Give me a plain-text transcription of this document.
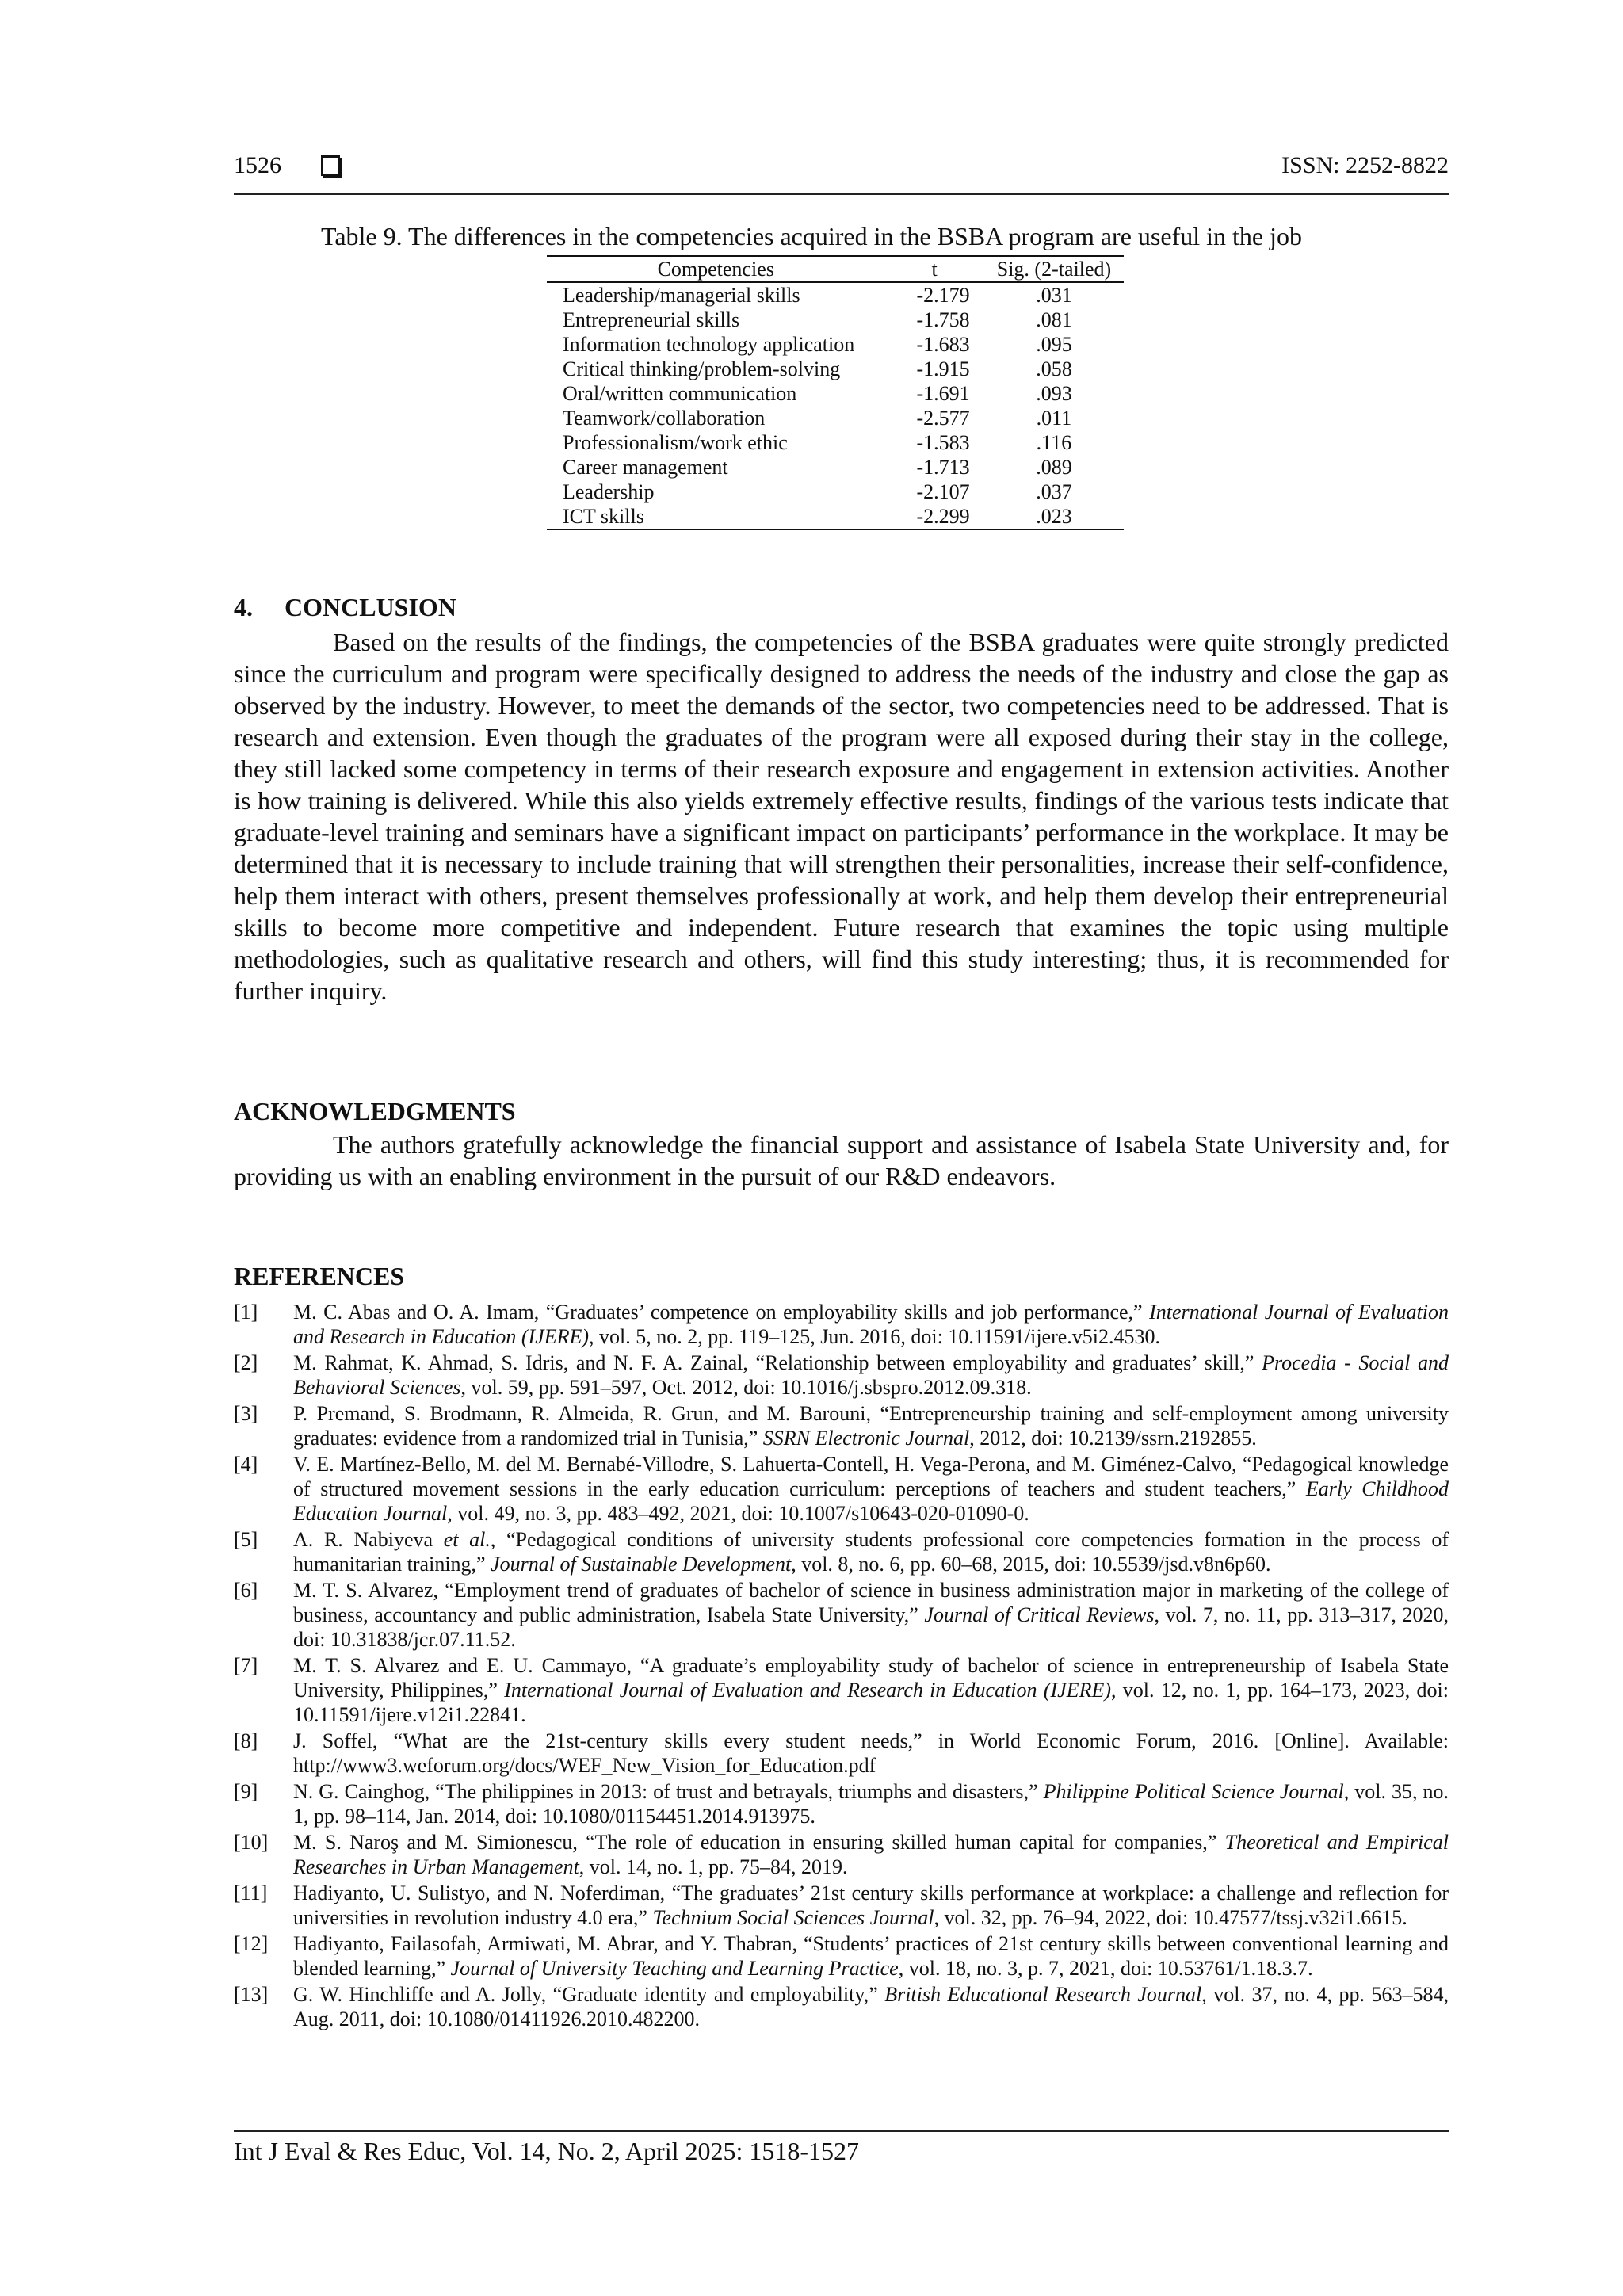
1526	ISSN: 2252-8822
Table 9. The differences in the competencies acquired in the BSBA program are useful in the job
Competencies	t	Sig. (2-tailed)
Leadership/managerial skills	-2.179	.031
Entrepreneurial skills	-1.758	.081
Information technology application	-1.683	.095
Critical thinking/problem-solving	-1.915	.058
Oral/written communication	-1.691	.093
Teamwork/collaboration	-2.577	.011
Professionalism/work ethic	-1.583	.116
Career management	-1.713	.089
Leadership	-2.107	.037
ICT skills	-2.299	.023
4.     CONCLUSION

Based on the results of the findings, the competencies of the BSBA graduates were quite strongly predicted since the curriculum and program were specifically designed to address the needs of the industry and close the gap as observed by the industry. However, to meet the demands of the sector, two competencies need to be addressed. That is research and extension. Even though the graduates of the program were all exposed during their stay in the college, they still lacked some competency in terms of their research exposure and engagement in extension activities. Another is how training is delivered. While this also yields extremely effective results, findings of the various tests indicate that graduate-level training and seminars have a significant impact on participants’ performance in the workplace. It may be determined that it is necessary to include training that will strengthen their personalities, increase their self-confidence, help them interact with others, present themselves professionally at work, and help them develop their entrepreneurial skills to become more competitive and independent. Future research that examines the topic using multiple methodologies, such as qualitative research and others, will find this study interesting; thus, it is recommended for further inquiry.

ACKNOWLEDGMENTS

The authors gratefully acknowledge the financial support and assistance of Isabela State University and, for providing us with an enabling environment in the pursuit of our R&D endeavors.

REFERENCES
[1] M. C. Abas and O. A. Imam, “Graduates’ competence on employability skills and job performance,” International Journal of Evaluation and Research in Education (IJERE), vol. 5, no. 2, pp. 119–125, Jun. 2016, doi: 10.11591/ijere.v5i2.4530.
[2] M. Rahmat, K. Ahmad, S. Idris, and N. F. A. Zainal, “Relationship between employability and graduates’ skill,” Procedia - Social and Behavioral Sciences, vol. 59, pp. 591–597, Oct. 2012, doi: 10.1016/j.sbspro.2012.09.318.
[3] P. Premand, S. Brodmann, R. Almeida, R. Grun, and M. Barouni, “Entrepreneurship training and self-employment among university graduates: evidence from a randomized trial in Tunisia,” SSRN Electronic Journal, 2012, doi: 10.2139/ssrn.2192855.
[4] V. E. Martínez-Bello, M. del M. Bernabé-Villodre, S. Lahuerta-Contell, H. Vega-Perona, and M. Giménez-Calvo, “Pedagogical knowledge of structured movement sessions in the early education curriculum: perceptions of teachers and student teachers,” Early Childhood Education Journal, vol. 49, no. 3, pp. 483–492, 2021, doi: 10.1007/s10643-020-01090-0.
[5] A. R. Nabiyeva et al., “Pedagogical conditions of university students professional core competencies formation in the process of humanitarian training,” Journal of Sustainable Development, vol. 8, no. 6, pp. 60–68, 2015, doi: 10.5539/jsd.v8n6p60.
[6] M. T. S. Alvarez, “Employment trend of graduates of bachelor of science in business administration major in marketing of the college of business, accountancy and public administration, Isabela State University,” Journal of Critical Reviews, vol. 7, no. 11, pp. 313–317, 2020, doi: 10.31838/jcr.07.11.52.
[7] M. T. S. Alvarez and E. U. Cammayo, “A graduate’s employability study of bachelor of science in entrepreneurship of Isabela State University, Philippines,” International Journal of Evaluation and Research in Education (IJERE), vol. 12, no. 1, pp. 164–173, 2023, doi: 10.11591/ijere.v12i1.22841.
[8] J. Soffel, “What are the 21st-century skills every student needs,” in World Economic Forum, 2016. [Online]. Available: http://www3.weforum.org/docs/WEF_New_Vision_for_Education.pdf
[9] N. G. Cainghog, “The philippines in 2013: of trust and betrayals, triumphs and disasters,” Philippine Political Science Journal, vol. 35, no. 1, pp. 98–114, Jan. 2014, doi: 10.1080/01154451.2014.913975.
[10] M. S. Naroş and M. Simionescu, “The role of education in ensuring skilled human capital for companies,” Theoretical and Empirical Researches in Urban Management, vol. 14, no. 1, pp. 75–84, 2019.
[11] Hadiyanto, U. Sulistyo, and N. Noferdiman, “The graduates’ 21st century skills performance at workplace: a challenge and reflection for universities in revolution industry 4.0 era,” Technium Social Sciences Journal, vol. 32, pp. 76–94, 2022, doi: 10.47577/tssj.v32i1.6615.
[12] Hadiyanto, Failasofah, Armiwati, M. Abrar, and Y. Thabran, “Students’ practices of 21st century skills between conventional learning and blended learning,” Journal of University Teaching and Learning Practice, vol. 18, no. 3, p. 7, 2021, doi: 10.53761/1.18.3.7.
[13] G. W. Hinchliffe and A. Jolly, “Graduate identity and employability,” British Educational Research Journal, vol. 37, no. 4, pp. 563–584, Aug. 2011, doi: 10.1080/01411926.2010.482200.
Int J Eval & Res Educ, Vol. 14, No. 2, April 2025: 1518-1527
